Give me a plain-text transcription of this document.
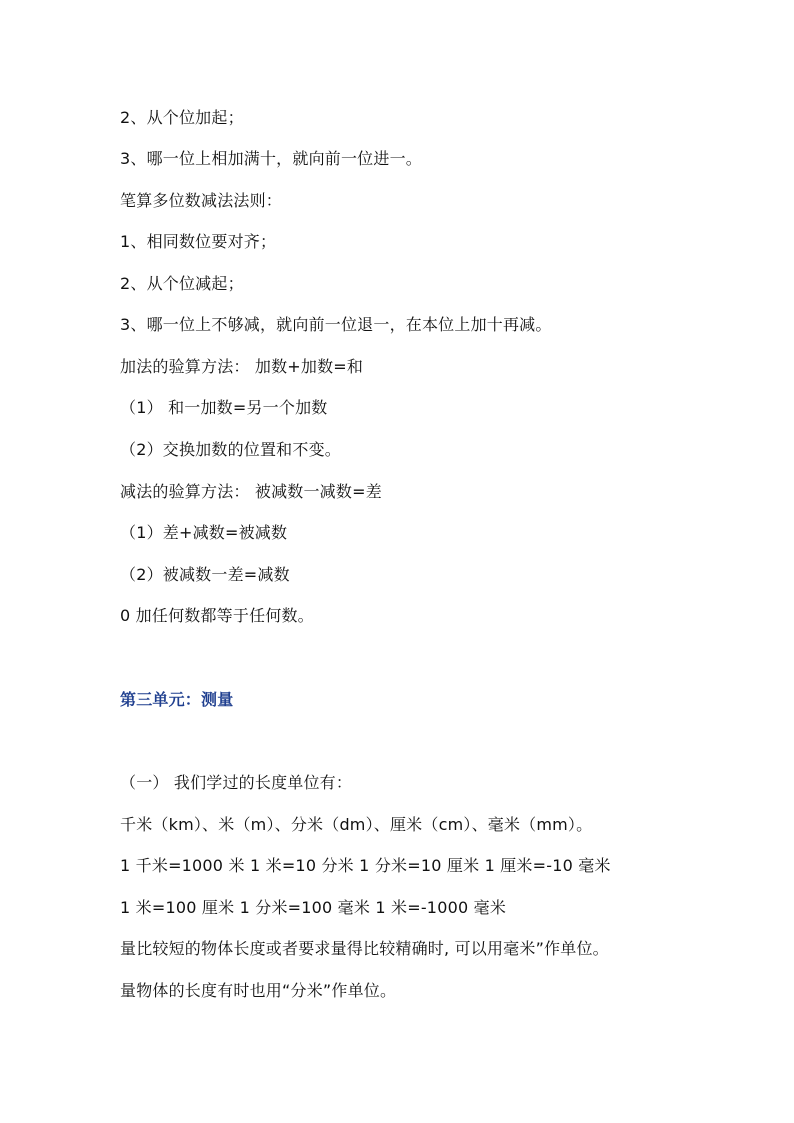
2、从个位加起；
3、哪一位上相加满十，就向前一位进一。
笔算多位数减法法则：
1、相同数位要对齐；
2、从个位减起；
3、哪一位上不够减，就向前一位退一，在本位上加十再减。
加法的验算方法： 加数+加数=和
（1） 和一加数=另一个加数
（2）交换加数的位置和不变。
减法的验算方法： 被减数一减数=差
（1）差+减数=被减数
（2）被减数一差=减数
0 加任何数都等于任何数。
第三单元：测量
（一） 我们学过的长度单位有：
千米（km）、米（m）、分米（dm）、厘米（cm）、毫米（mm）。
1 千米=1000 米 1 米=10 分米 1 分米=10 厘米 1 厘米=-10 毫米
1 米=100 厘米 1 分米=100 毫米 1 米=-1000 毫米
量比较短的物体长度或者要求量得比较精确时, 可以用毫米”作单位。
量物体的长度有时也用“分米”作单位。
